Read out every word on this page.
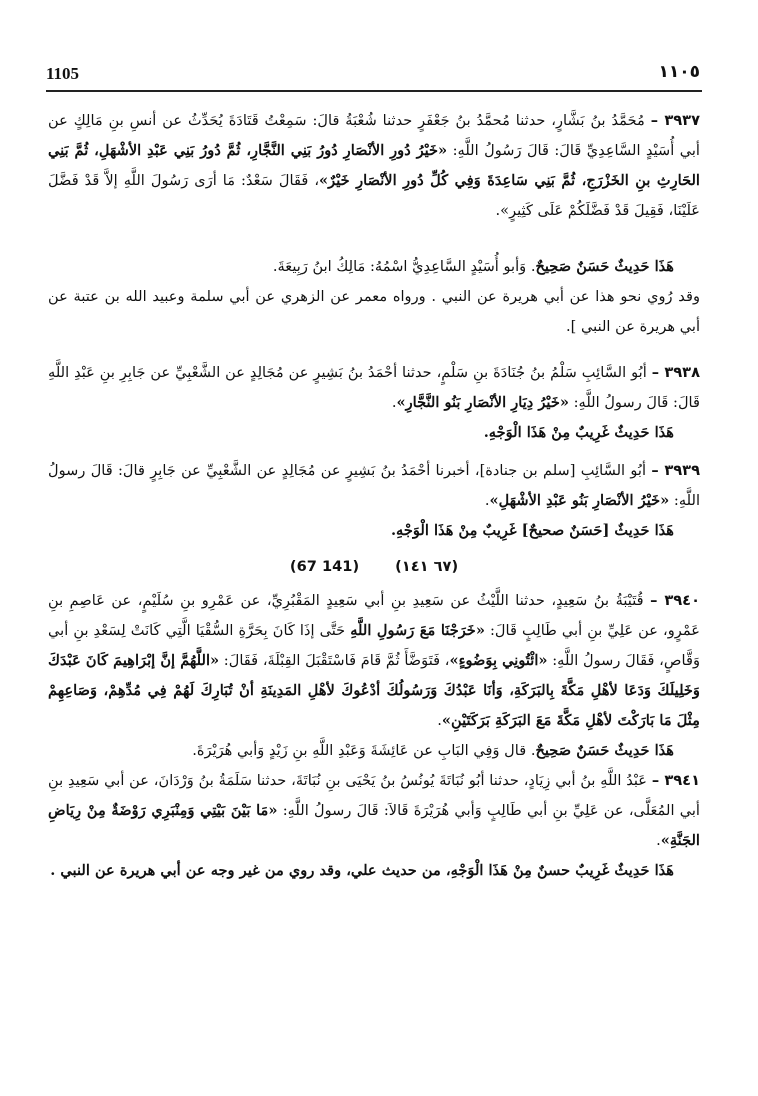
1105	١١٠٥

٣٩٣٧ – مُحَمَّدُ بنُ بَشَّارٍ، حدثنا مُحمَّدُ بنُ جَعْفَرٍ حدثنا شُعْبَةُ قالَ: سَمِعْتُ قَتَادَةَ يُحَدِّثُ عن أنسِ بنِ مَالِكٍ عن أبي أُسَيْدٍ السَّاعِدِيِّ قَالَ: قَالَ رَسُولُ اللَّهِ: «خَيْرُ دُورِ الأنْصَارِ دُورُ بَنِي النَّجَّارِ، ثُمَّ دُورُ بَنِي عَبْدِ الأشْهَلِ، ثُمَّ بَنِي الحَارِثِ بنِ الخَزْرَجِ، ثُمَّ بَنِي سَاعِدَةَ وَفِي كُلِّ دُورِ الأنْصَارِ خَيْرٌ»، فَقَالَ سَعْدٌ: مَا أرَى رَسُولَ اللَّهِ إلاَّ قَدْ فَضَّلَ عَلَيْنَا، فَقِيلَ قَدْ فَضَّلَكُمْ عَلَى كَثِيرٍ».

هَذَا حَدِيثٌ حَسَنٌ صَحِيحٌ. وَأبو أُسَيْدٍ السَّاعِدِيُّ اسْمُهُ: مَالِكُ ابنُ رَبِيعَةَ.

وقد رُوي نحو هذا عن أبي هريرة عن النبي . ورواه معمر عن الزهري عن أبي سلمة وعبيد الله بن عتبة عن أبي هريرة عن النبي ].

٣٩٣٨ – أبُو السَّائِبِ سَلْمُ بنُ جُنَادَةَ بنِ سَلْمٍ، حدثنا أحْمَدُ بنُ بَشِيرٍ عن مُجَالِدٍ عن الشَّعْبِيِّ عن جَابِرِ بنِ عَبْدِ اللَّهِ قَالَ: قَالَ رسولُ اللَّهِ: «خَيْرُ دِيَارِ الأنْصَارِ بَنُو النَّجَّارِ».

هَذَا حَدِيثٌ غَرِيبٌ مِنْ هَذَا الْوَجْهِ.

٣٩٣٩ – أبُو السَّائِبِ [سلم بن جنادة]، أخبرنا أحْمَدُ بنُ بَشِيرٍ عن مُجَالِدٍ عن الشَّعْبِيِّ عن جَابِرٍ قالَ: قَالَ رسولُ اللَّهِ: «خَيْرُ الأنْصَارِ بَنُو عَبْدِ الأشْهَلِ».

هَذَا حَدِيثٌ [حَسَنٌ صحيحٌ] غَرِيبٌ مِنْ هَذَا الْوَجْهِ.

(٦٧ ١٤١)(141 67)

٣٩٤٠ – قُتَيْبَةُ بنُ سَعِيدٍ، حدثنا اللَّيْثُ عن سَعِيدِ بنِ أبي سَعِيدٍ المَقْبُرِيِّ، عن عَمْرِو بنِ سُلَيْمٍ، عن عَاصِمِ بنِ عَمْرٍو، عن عَلِيِّ بنِ أبي طَالِبٍ قَالَ: «خَرَجْنَا مَعَ رَسُولِ اللَّهِ حَتَّى إذَا كَانَ بِحَرَّةِ السُّقْيَا الَّتِي كَانَتْ لِسَعْدِ بنِ أبي وَقَّاصٍ، فَقَالَ رسولُ اللَّهِ: «ائْتُونِي بِوَضُوءٍ»، فَتَوَضَّأَ ثُمَّ قَامَ فَاسْتَقْبَلَ القِبْلَةَ، فَقَالَ: «اللَّهُمَّ إنَّ إبْرَاهِيمَ كَانَ عَبْدَكَ وَخَلِيلَكَ وَدَعَا لأهْلِ مَكَّةَ بِالبَرَكَةِ، وَأنَا عَبْدُكَ وَرَسُولُكَ أدْعُوكَ لأهْلِ المَدِينَةِ أنْ تُبَارِكَ لَهُمْ فِي مُدِّهِمْ، وَصَاعِهِمْ مِثْلَ مَا بَارَكْتَ لأهْلِ مَكَّةَ مَعَ البَرَكَةِ بَرَكَتَيْنِ».

هَذَا حَدِيثٌ حَسَنٌ صَحِيحٌ. قال وَفِي البَابِ عن عَائِشَةَ وَعَبْدِ اللَّهِ بنِ زَيْدٍ وَأبي هُرَيْرَةَ.

٣٩٤١ – عَبْدُ اللَّهِ بنُ أبي زِيَادٍ، حدثنا أبُو نُبَاتَةَ يُونُسُ بنُ يَحْيَى بنِ نُبَاتَةَ، حدثنا سَلَمَةُ بنُ وَرْدَانَ، عن أبي سَعِيدِ بنِ أبي المُعَلَّى، عن عَلِيِّ بنِ أبي طَالِبٍ وَأبي هُرَيْرَةَ قَالاَ: قَالَ رسولُ اللَّهِ: «مَا بَيْنَ بَيْتِي وَمِنْبَرِي رَوْضَةٌ مِنْ رِيَاضِ الجَنَّةِ».

هَذَا حَدِيثٌ غَرِيبٌ حسنٌ مِنْ هَذَا الْوَجْهِ، من حديث علي، وقد روي من غير وجه عن أبي هريرة عن النبي .
